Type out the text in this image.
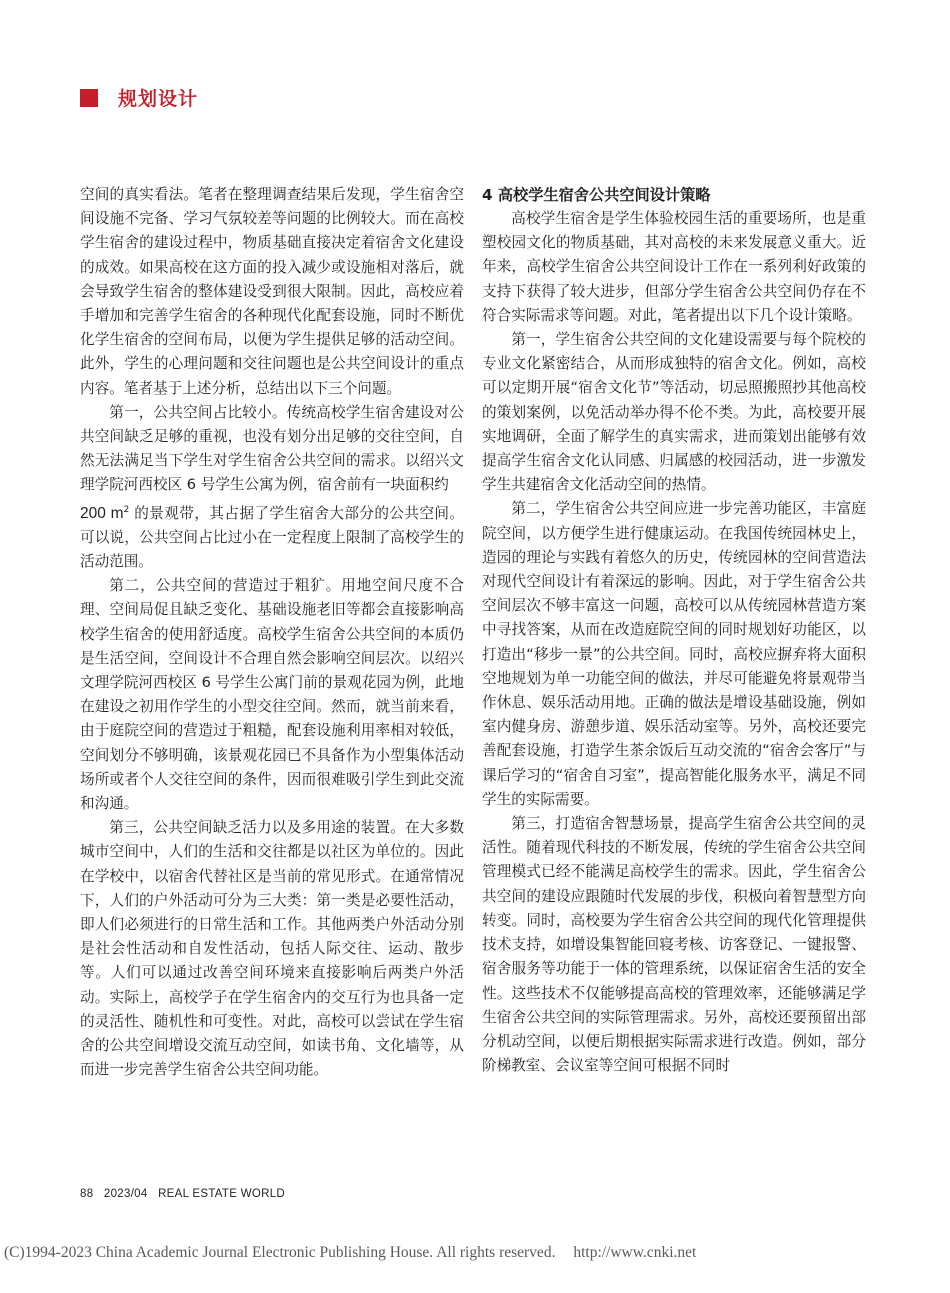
规划设计

空间的真实看法。笔者在整理调查结果后发现，学生宿舍空间设施不完备、学习气氛较差等问题的比例较大。而在高校学生宿舍的建设过程中，物质基础直接决定着宿舍文化建设的成效。如果高校在这方面的投入减少或设施相对落后，就会导致学生宿舍的整体建设受到很大限制。因此，高校应着手增加和完善学生宿舍的各种现代化配套设施，同时不断优化学生宿舍的空间布局，以便为学生提供足够的活动空间。此外，学生的心理问题和交往问题也是公共空间设计的重点内容。笔者基于上述分析，总结出以下三个问题。

第一，公共空间占比较小。传统高校学生宿舍建设对公共空间缺乏足够的重视，也没有划分出足够的交往空间，自然无法满足当下学生对学生宿舍公共空间的需求。以绍兴文理学院河西校区 6 号学生公寓为例，宿舍前有一块面积约
200 $m^2$ 的景观带，其占据了学生宿舍大部分的公共空间。可以说，公共空间占比过小在一定程度上限制了高校学生的活动范围。

第二，公共空间的营造过于粗犷。用地空间尺度不合理、空间局促且缺乏变化、基础设施老旧等都会直接影响高校学生宿舍的使用舒适度。高校学生宿舍公共空间的本质仍是生活空间，空间设计不合理自然会影响空间层次。以绍兴文理学院河西校区 6 号学生公寓门前的景观花园为例，此地在建设之初用作学生的小型交往空间。然而，就当前来看，由于庭院空间的营造过于粗糙，配套设施利用率相对较低，空间划分不够明确，该景观花园已不具备作为小型集体活动场所或者个人交往空间的条件，因而很难吸引学生到此交流和沟通。

第三，公共空间缺乏活力以及多用途的装置。在大多数城市空间中，人们的生活和交往都是以社区为单位的。因此在学校中，以宿舍代替社区是当前的常见形式。在通常情况下，人们的户外活动可分为三大类：第一类是必要性活动，即人们必须进行的日常生活和工作。其他两类户外活动分别是社会性活动和自发性活动，包括人际交往、运动、散步等。人们可以通过改善空间环境来直接影响后两类户外活动。实际上，高校学子在学生宿舍内的交互行为也具备一定的灵活性、随机性和可变性。对此，高校可以尝试在学生宿舍的公共空间增设交流互动空间，如读书角、文化墙等，从而进一步完善学生宿舍公共空间功能。

4 高校学生宿舍公共空间设计策略

高校学生宿舍是学生体验校园生活的重要场所，也是重塑校园文化的物质基础，其对高校的未来发展意义重大。近年来，高校学生宿舍公共空间设计工作在一系列利好政策的支持下获得了较大进步，但部分学生宿舍公共空间仍存在不符合实际需求等问题。对此，笔者提出以下几个设计策略。

第一，学生宿舍公共空间的文化建设需要与每个院校的专业文化紧密结合，从而形成独特的宿舍文化。例如，高校可以定期开展“宿舍文化节”等活动，切忌照搬照抄其他高校的策划案例，以免活动举办得不伦不类。为此，高校要开展实地调研，全面了解学生的真实需求，进而策划出能够有效提高学生宿舍文化认同感、归属感的校园活动，进一步激发学生共建宿舍文化活动空间的热情。

第二，学生宿舍公共空间应进一步完善功能区，丰富庭院空间，以方便学生进行健康运动。在我国传统园林史上，造园的理论与实践有着悠久的历史，传统园林的空间营造法对现代空间设计有着深远的影响。因此，对于学生宿舍公共空间层次不够丰富这一问题，高校可以从传统园林营造方案中寻找答案，从而在改造庭院空间的同时规划好功能区，以打造出“移步一景”的公共空间。同时，高校应摒弃将大面积空地规划为单一功能空间的做法，并尽可能避免将景观带当作休息、娱乐活动用地。正确的做法是增设基础设施，例如室内健身房、游憩步道、娱乐活动室等。另外，高校还要完善配套设施，打造学生茶余饭后互动交流的“宿舍会客厅”与课后学习的“宿舍自习室”，提高智能化服务水平，满足不同学生的实际需要。

第三，打造宿舍智慧场景，提高学生宿舍公共空间的灵活性。随着现代科技的不断发展，传统的学生宿舍公共空间管理模式已经不能满足高校学生的需求。因此，学生宿舍公共空间的建设应跟随时代发展的步伐，积极向着智慧型方向转变。同时，高校要为学生宿舍公共空间的现代化管理提供技术支持，如增设集智能回寝考核、访客登记、一键报警、宿舍服务等功能于一体的管理系统，以保证宿舍生活的安全性。这些技术不仅能够提高高校的管理效率，还能够满足学生宿舍公共空间的实际管理需求。另外，高校还要预留出部分机动空间，以便后期根据实际需求进行改造。例如，部分阶梯教室、会议室等空间可根据不同时

88 2023/04 REAL ESTATE WORLD
(C)1994-2023 China Academic Journal Electronic Publishing House. All rights reserved. http://www.cnki.net
